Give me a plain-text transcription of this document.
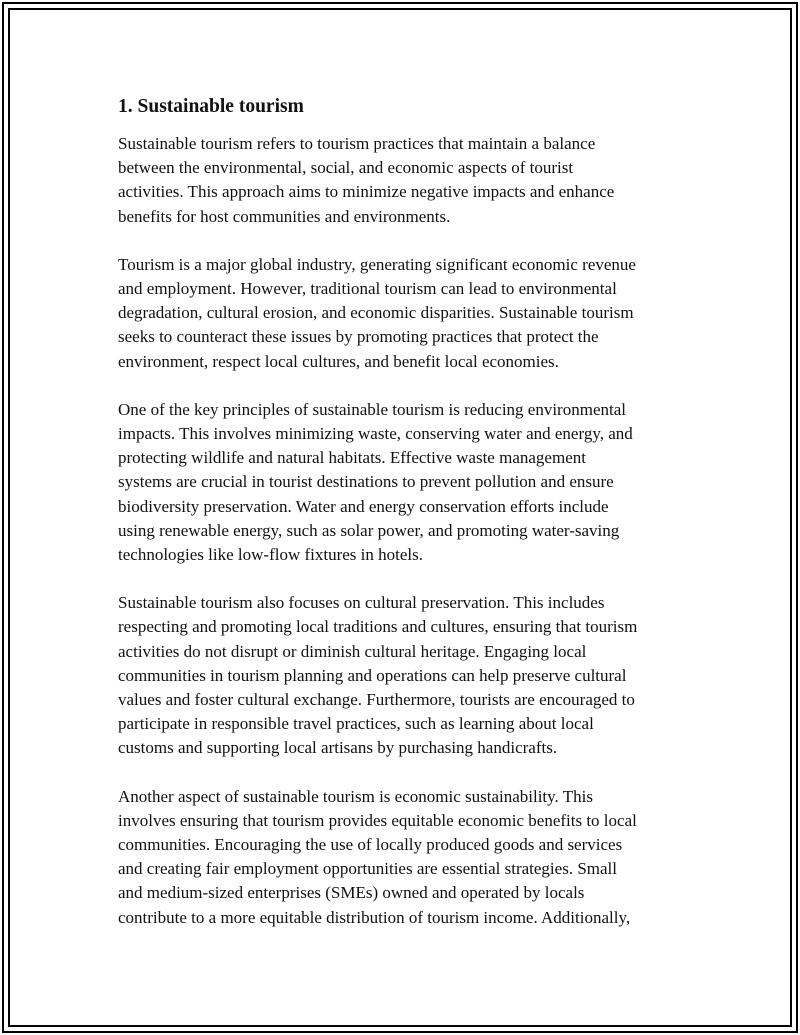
1. Sustainable tourism

Sustainable tourism refers to tourism practices that maintain a balance
between the environmental, social, and economic aspects of tourist
activities. This approach aims to minimize negative impacts and enhance
benefits for host communities and environments.

Tourism is a major global industry, generating significant economic revenue
and employment. However, traditional tourism can lead to environmental
degradation, cultural erosion, and economic disparities. Sustainable tourism
seeks to counteract these issues by promoting practices that protect the
environment, respect local cultures, and benefit local economies.

One of the key principles of sustainable tourism is reducing environmental
impacts. This involves minimizing waste, conserving water and energy, and
protecting wildlife and natural habitats. Effective waste management
systems are crucial in tourist destinations to prevent pollution and ensure
biodiversity preservation. Water and energy conservation efforts include
using renewable energy, such as solar power, and promoting water-saving
technologies like low-flow fixtures in hotels.

Sustainable tourism also focuses on cultural preservation. This includes
respecting and promoting local traditions and cultures, ensuring that tourism
activities do not disrupt or diminish cultural heritage. Engaging local
communities in tourism planning and operations can help preserve cultural
values and foster cultural exchange. Furthermore, tourists are encouraged to
participate in responsible travel practices, such as learning about local
customs and supporting local artisans by purchasing handicrafts.

Another aspect of sustainable tourism is economic sustainability. This
involves ensuring that tourism provides equitable economic benefits to local
communities. Encouraging the use of locally produced goods and services
and creating fair employment opportunities are essential strategies. Small
and medium-sized enterprises (SMEs) owned and operated by locals
contribute to a more equitable distribution of tourism income. Additionally,
